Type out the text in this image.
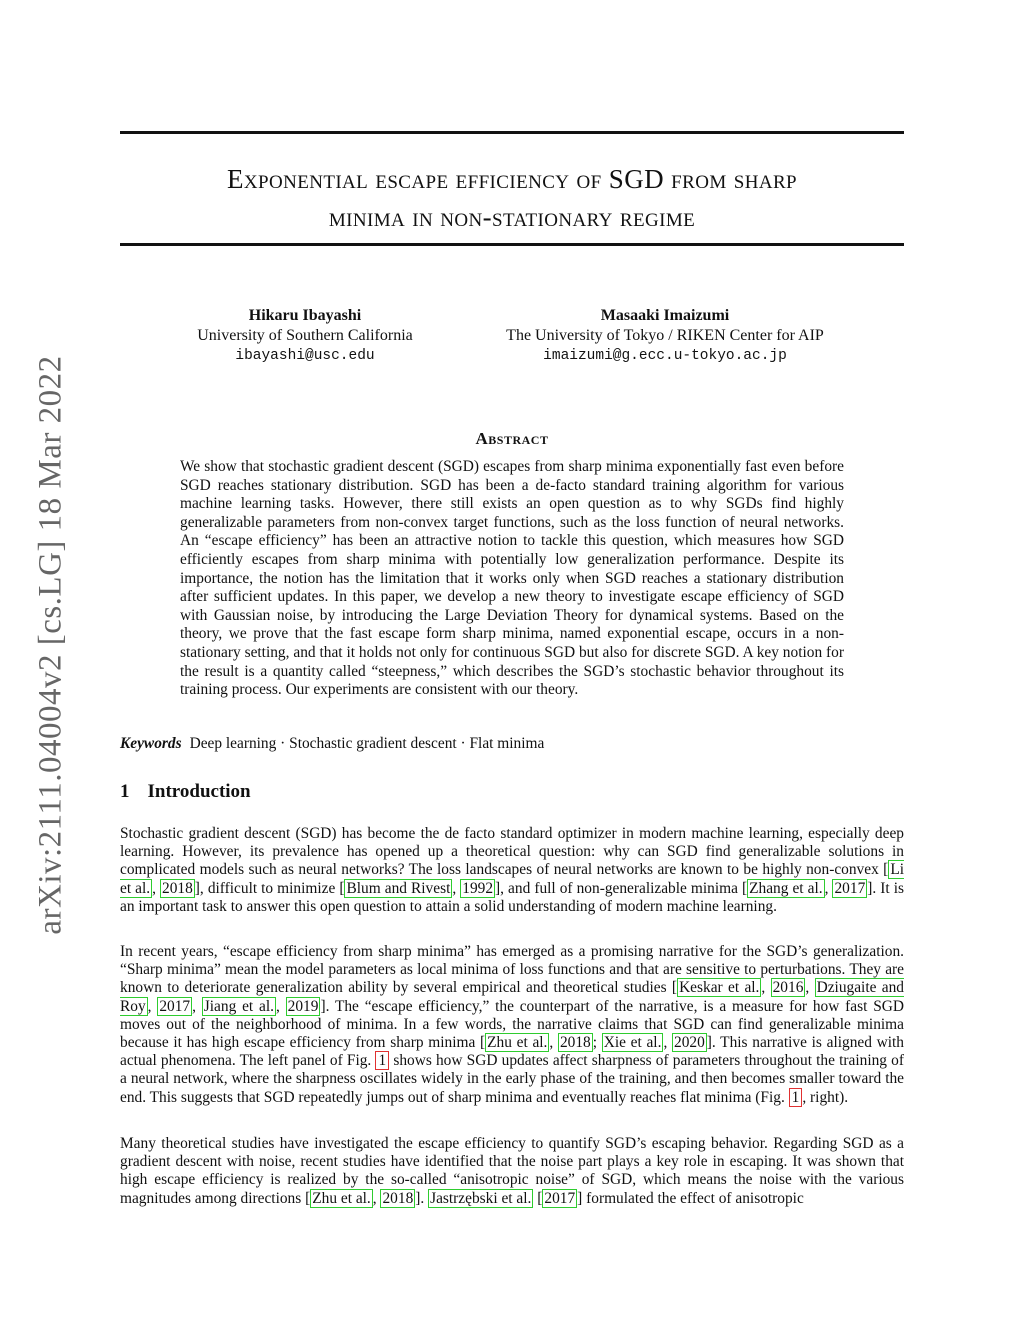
arXiv:2111.04004v2 [cs.LG] 18 Mar 2022
Exponential escape efficiency of SGD from sharp
minima in non-stationary regime
Hikaru Ibayashi
University of Southern California
ibayashi@usc.edu
Masaaki Imaizumi
The University of Tokyo / RIKEN Center for AIP
imaizumi@g.ecc.u-tokyo.ac.jp
Abstract

We show that stochastic gradient descent (SGD) escapes from sharp minima exponentially fast even before SGD reaches stationary distribution. SGD has been a de-facto standard training algorithm for various machine learning tasks. However, there still exists an open question as to why SGDs find highly generalizable parameters from non-convex target functions, such as the loss function of neural networks. An “escape efficiency” has been an attractive notion to tackle this question, which measures how SGD efficiently escapes from sharp minima with potentially low generalization performance. Despite its importance, the notion has the limitation that it works only when SGD reaches a stationary distribution after sufficient updates. In this paper, we develop a new theory to investigate escape efficiency of SGD with Gaussian noise, by introducing the Large Deviation Theory for dynamical systems. Based on the theory, we prove that the fast escape form sharp minima, named exponential escape, occurs in a non-stationary setting, and that it holds not only for continuous SGD but also for discrete SGD. A key notion for the result is a quantity called “steepness,” which describes the SGD’s stochastic behavior throughout its training process. Our experiments are consistent with our theory.

Keywords Deep learning · Stochastic gradient descent · Flat minima
1 Introduction

Stochastic gradient descent (SGD) has become the de facto standard optimizer in modern machine learning, especially deep learning. However, its prevalence has opened up a theoretical question: why can SGD find generalizable solutions in complicated models such as neural networks? The loss landscapes of neural networks are known to be highly non-convex [ Li et al. , 2018 ], difficult to minimize [ Blum and Rivest , 1992 ], and full of non-generalizable minima [ Zhang et al. , 2017 ]. It is an important task to answer this open question to attain a solid understanding of modern machine learning.

In recent years, “escape efficiency from sharp minima” has emerged as a promising narrative for the SGD’s generalization. “Sharp minima” mean the model parameters as local minima of loss functions and that are sensitive to perturbations. They are known to deteriorate generalization ability by several empirical and theoretical studies [ Keskar et al. , 2016 , Dziugaite and Roy , 2017 , Jiang et al. , 2019 ]. The “escape efficiency,” the counterpart of the narrative, is a measure for how fast SGD moves out of the neighborhood of minima. In a few words, the narrative claims that SGD can find generalizable minima because it has high escape efficiency from sharp minima [ Zhu et al. , 2018 ; Xie et al. , 2020 ]. This narrative is aligned with actual phenomena. The left panel of Fig. 1 shows how SGD updates affect sharpness of parameters throughout the training of a neural network, where the sharpness oscillates widely in the early phase of the training, and then becomes smaller toward the end. This suggests that SGD repeatedly jumps out of sharp minima and eventually reaches flat minima (Fig. 1 , right).

Many theoretical studies have investigated the escape efficiency to quantify SGD’s escaping behavior. Regarding SGD as a gradient descent with noise, recent studies have identified that the noise part plays a key role in escaping. It was shown that high escape efficiency is realized by the so-called “anisotropic noise” of SGD, which means the noise with the various magnitudes among directions [ Zhu et al. , 2018 ]. Jastrzębski et al. [ 2017 ] formulated the effect of anisotropic
